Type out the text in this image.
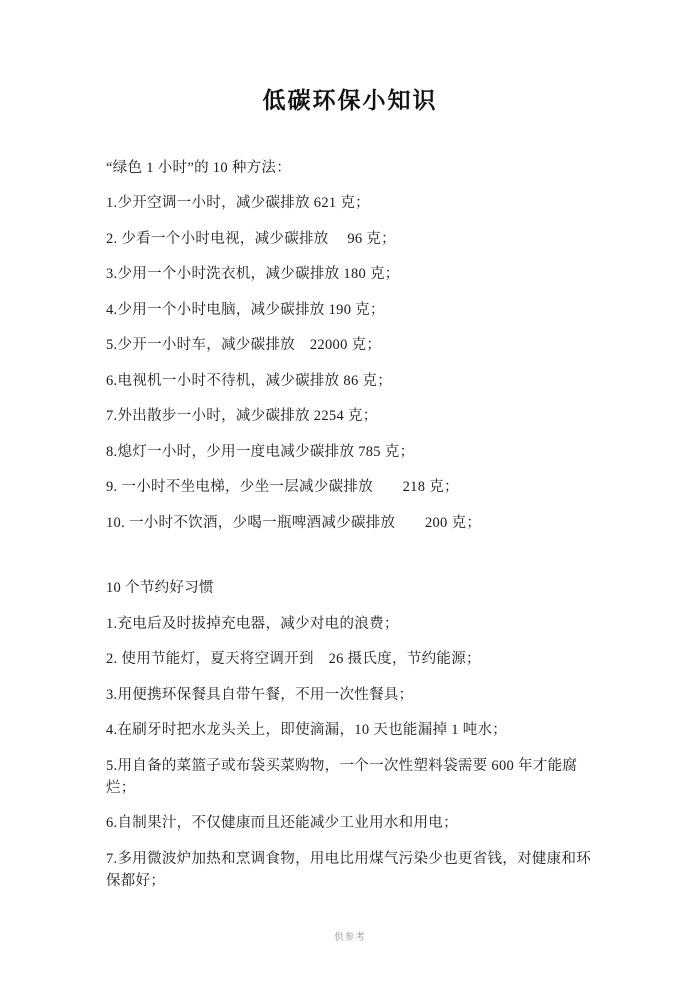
低碳环保小知识

“绿色 1 小时”的 10 种方法：

1.少开空调一小时，减少碳排放 621 克；

2. 少看一个小时电视，减少碳排放　 96 克；

3.少用一个小时洗衣机，减少碳排放 180 克；

4.少用一个小时电脑，减少碳排放 190 克；

5.少开一小时车，减少碳排放　22000 克；

6.电视机一小时不待机，减少碳排放 86 克；

7.外出散步一小时，减少碳排放 2254 克；

8.熄灯一小时，少用一度电减少碳排放 785 克；

9. 一小时不坐电梯，少坐一层减少碳排放　　218 克；

10. 一小时不饮酒，少喝一瓶啤酒减少碳排放　　200 克；

10 个节约好习惯

1.充电后及时拔掉充电器，减少对电的浪费；

2. 使用节能灯，夏天将空调开到　26 摄氏度，节约能源；

3.用便携环保餐具自带午餐，不用一次性餐具；

4.在刷牙时把水龙头关上，即使滴漏，10 天也能漏掉 1 吨水；

5.用自备的菜篮子或布袋买菜购物，一个一次性塑料袋需要 600 年才能腐烂；

6.自制果汁，不仅健康而且还能减少工业用水和用电；

7.多用微波炉加热和烹调食物，用电比用煤气污染少也更省钱，对健康和环保都好；

供参考
